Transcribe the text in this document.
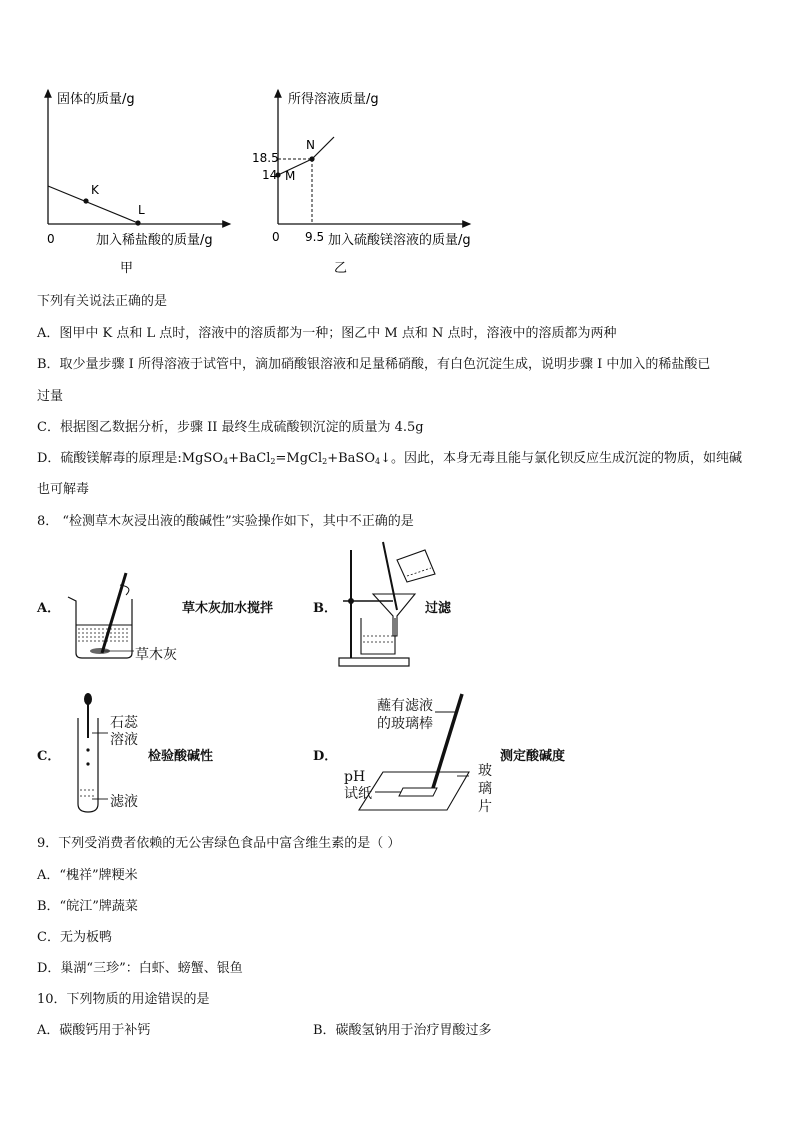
K
L
固体的质量/g
0	加入稀盐酸的质量/g
甲
M
N
18.5
14
9.5
所得溶液质量/g
0	加入硫酸镁溶液的质量/g
乙
下列有关说法正确的是
A．图甲中 K 点和 L 点时，溶液中的溶质都为一种；图乙中 M 点和 N 点时，溶液中的溶质都为两种
B．取少量步骤 I 所得溶液于试管中，滴加硝酸银溶液和足量稀硝酸，有白色沉淀生成，说明步骤 I 中加入的稀盐酸已
过量
C．根据图乙数据分析，步骤 II 最终生成硫酸钡沉淀的质量为 4.5g
D．硫酸镁解毒的原理是:MgSO$_4$+BaCl$_2$=MgCl$_2$+BaSO$_4$↓。因此，本身无毒且能与氯化钡反应生成沉淀的物质，如纯碱
也可解毒
8． “检测草木灰浸出液的酸碱性”实验操作如下，其中不正确的是
A．
草木灰
草木灰加水搅拌	B．	过滤
C．
石蕊
溶液
滤液
检验酸碱性	D．
蘸有滤液
的玻璃棒
pH
试纸
玻
璃
片
测定酸碱度
9．下列受消费者依赖的无公害绿色食品中富含维生素的是（ ）
A．“槐祥”牌粳米
B．“皖江”牌蔬菜
C．无为板鸭
D．巢湖“三珍”：白虾、螃蟹、银鱼
10．下列物质的用途错误的是
A．碳酸钙用于补钙	B．碳酸氢钠用于治疗胃酸过多
